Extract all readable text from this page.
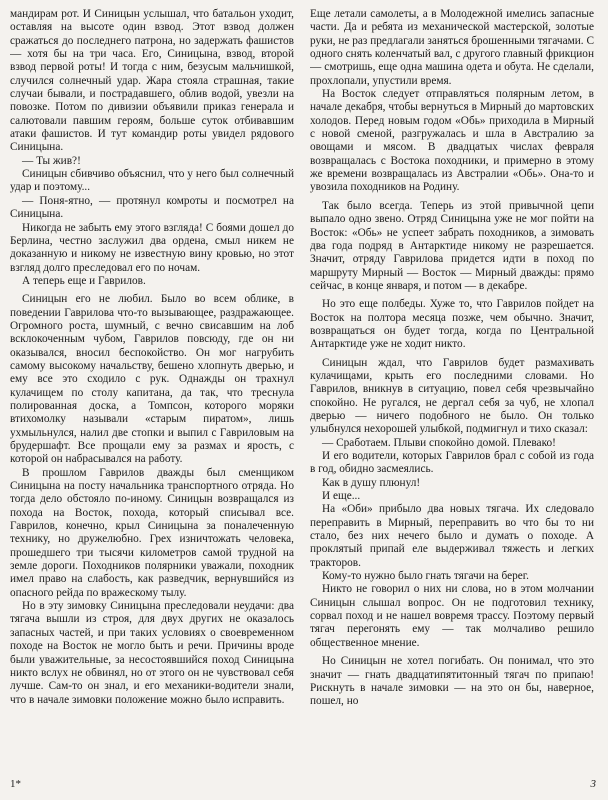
мандирам рот. И Синицын услышал, что батальон уходит, оставляя на высоте один взвод. Этот взвод должен сражаться до последнего патрона, но задержать фашистов — хотя бы на три часа. Его, Синицына, взвод, второй взвод первой роты! И тогда с ним, безусым мальчишкой, случился солнечный удар. Жара стояла страшная, такие случаи бывали, и пострадавшего, облив водой, увезли на повозке. Потом по дивизии объявили приказ генерала и салютовали павшим героям, больше суток отбивавшим атаки фашистов. И тут командир роты увидел рядового Синицына.

— Ты жив?!

Синицын сбивчиво объяснил, что у него был солнечный удар и поэтому...

— Поня-ятно, — протянул комроты и посмотрел на Синицына.

Никогда не забыть ему этого взгляда! С боями дошел до Берлина, честно заслужил два ордена, смыл никем не доказанную и никому не известную вину кровью, но этот взгляд долго преследовал его по ночам.

А теперь еще и Гаврилов.

Синицын его не любил. Было во всем облике, в поведении Гаврилова что-то вызывающее, раздражающее. Огромного роста, шумный, с вечно свисавшим на лоб всклокоченным чубом, Гаврилов повсюду, где он ни оказывался, вносил беспокойство. Он мог нагрубить самому высокому начальству, бешено хлопнуть дверью, и ему все это сходило с рук. Однажды он трахнул кулачищем по столу капитана, да так, что треснула полированная доска, а Томпсон, которого моряки втихомолку называли «старым пиратом», лишь ухмыльнулся, налил две стопки и выпил с Гавриловым на брудершафт. Все прощали ему за размах и ярость, с которой он набрасывался на работу.

В прошлом Гаврилов дважды был сменщиком Синицына на посту начальника транспортного отряда. Но тогда дело обстояло по-иному. Синицын возвращался из похода на Восток, похода, который списывал все. Гаврилов, конечно, крыл Синицына за поналеченную технику, но дружелюбно. Грех изничтожать человека, прошедшего три тысячи километров самой трудной на земле дороги. Походников полярники уважали, походник имел право на слабость, как разведчик, вернувшийся из опасного рейда по вражескому тылу.

Но в эту зимовку Синицына преследовали неудачи: два тягача вышли из строя, для двух других не оказалось запасных частей, и при таких условиях о своевременном походе на Восток не могло быть и речи. Причины вроде были уважительные, за несостоявшийся поход Синицына никто вслух не обвинял, но от этого он не чувствовал себя лучше. Сам-то он знал, и его механики-водители знали, что в начале зимовки положение можно было исправить.

Еще летали самолеты, а в Молодежной имелись запасные части. Да и ребята из механической мастерской, золотые руки, не раз предлагали заняться брошенными тягачами. С одного снять коленчатый вал, с другого главный фрикцион — смотришь, еще одна машина одета и обута. Не сделали, прохлопали, упустили время.

На Восток следует отправляться полярным летом, в начале декабря, чтобы вернуться в Мирный до мартовских холодов. Перед новым годом «Обь» приходила в Мирный с новой сменой, разгружалась и шла в Австралию за овощами и мясом. В двадцатых числах февраля возвращалась с Востока походники, и примерно в этому же времени возвращалась из Австралии «Обь». Она-то и увозила походников на Родину.

Так было всегда. Теперь из этой привычной цепи выпало одно звено. Отряд Синицына уже не мог пойти на Восток: «Обь» не успеет забрать походников, а зимовать два года подряд в Антарктиде никому не разрешается. Значит, отряду Гаврилова придется идти в поход по маршруту Мирный — Восток — Мирный дважды: прямо сейчас, в конце января, и потом — в декабре.

Но это еще полбеды. Хуже то, что Гаврилов пойдет на Восток на полтора месяца позже, чем обычно. Значит, возвращаться он будет тогда, когда по Центральной Антарктиде уже не ходит никто.

Синицын ждал, что Гаврилов будет размахивать кулачищами, крыть его последними словами. Но Гаврилов, вникнув в ситуацию, повел себя чрезвычайно спокойно. Не ругался, не дергал себя за чуб, не хлопал дверью — ничего подобного не было. Он только улыбнулся нехорошей улыбкой, подмигнул и тихо сказал:

— Сработаем. Плыви спокойно домой. Плевако!

И его водители, которых Гаврилов брал с собой из года в год, обидно засмеялись.

Как в душу плюнул!

И еще...

На «Оби» прибыло два новых тягача. Их следовало переправить в Мирный, переправить во что бы то ни стало, без них нечего было и думать о походе. А проклятый припай еле выдерживал тяжесть и легких тракторов.

Кому-то нужно было гнать тягачи на берег.

Никто не говорил о них ни слова, но в этом молчании Синицын слышал вопрос. Он не подготовил технику, сорвал поход и не нашел вовремя трассу. Поэтому первый тягач перегонять ему — так молчаливо решило общественное мнение.

Но Синицын не хотел погибать. Он понимал, что это значит — гнать двадцатипятитонный тягач по припаю! Рискнуть в начале зимовки — на это он бы, наверное, пошел, но

1*	3
